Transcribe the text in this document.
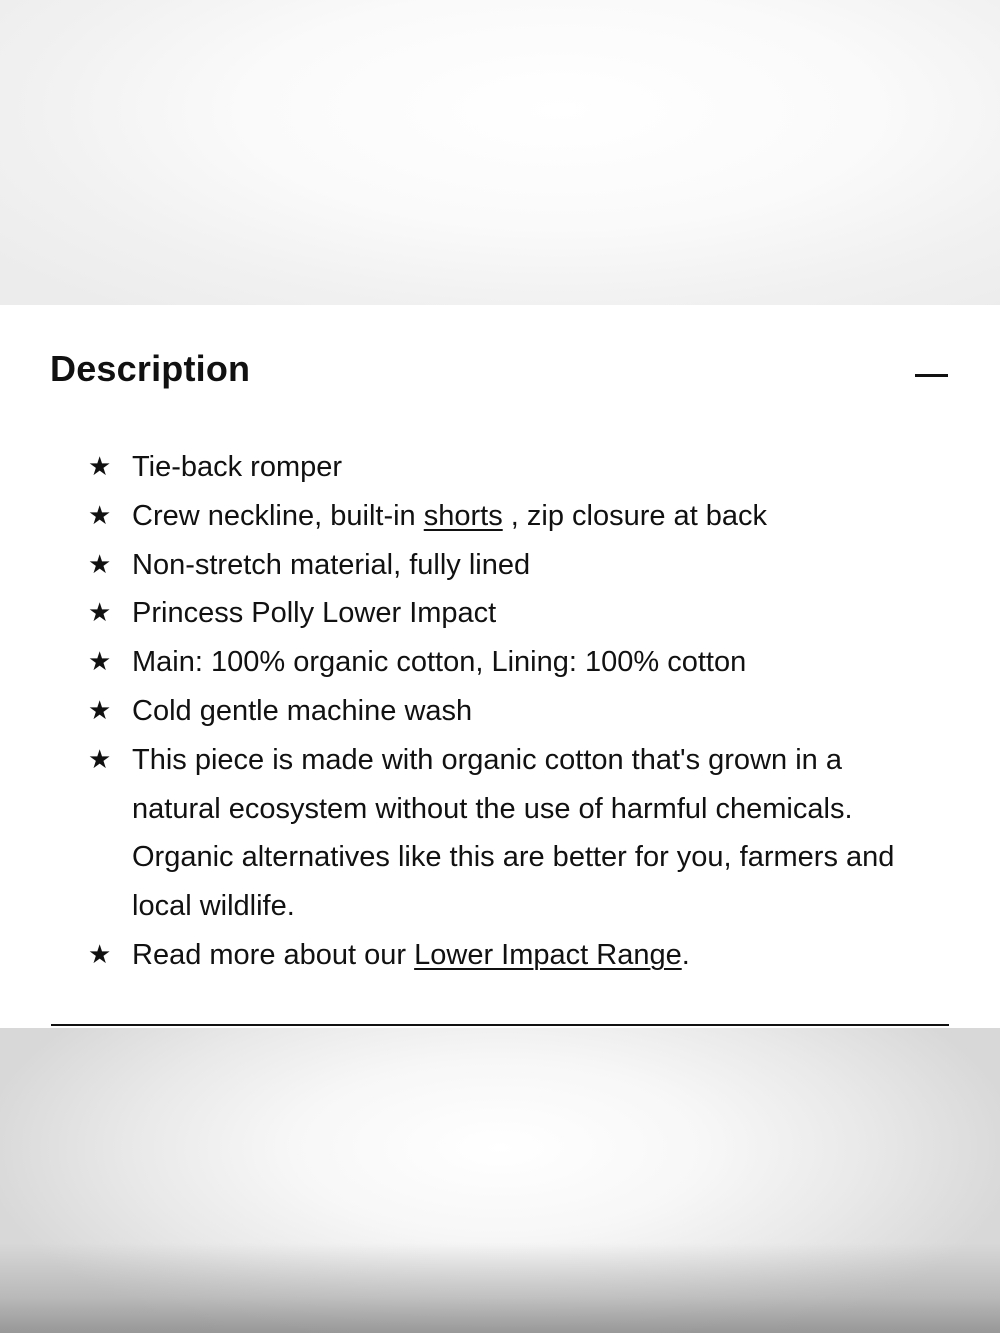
Description
★ Tie-back romper
★ Crew neckline, built-in shorts , zip closure at back
★ Non-stretch material, fully lined
★ Princess Polly Lower Impact
★ Main: 100% organic cotton, Lining: 100% cotton
★ Cold gentle machine wash
★ This piece is made with organic cotton that's grown in a natural ecosystem without the use of harmful chemicals. Organic alternatives like this are better for you, farmers and local wildlife.
★ Read more about our Lower Impact Range.
